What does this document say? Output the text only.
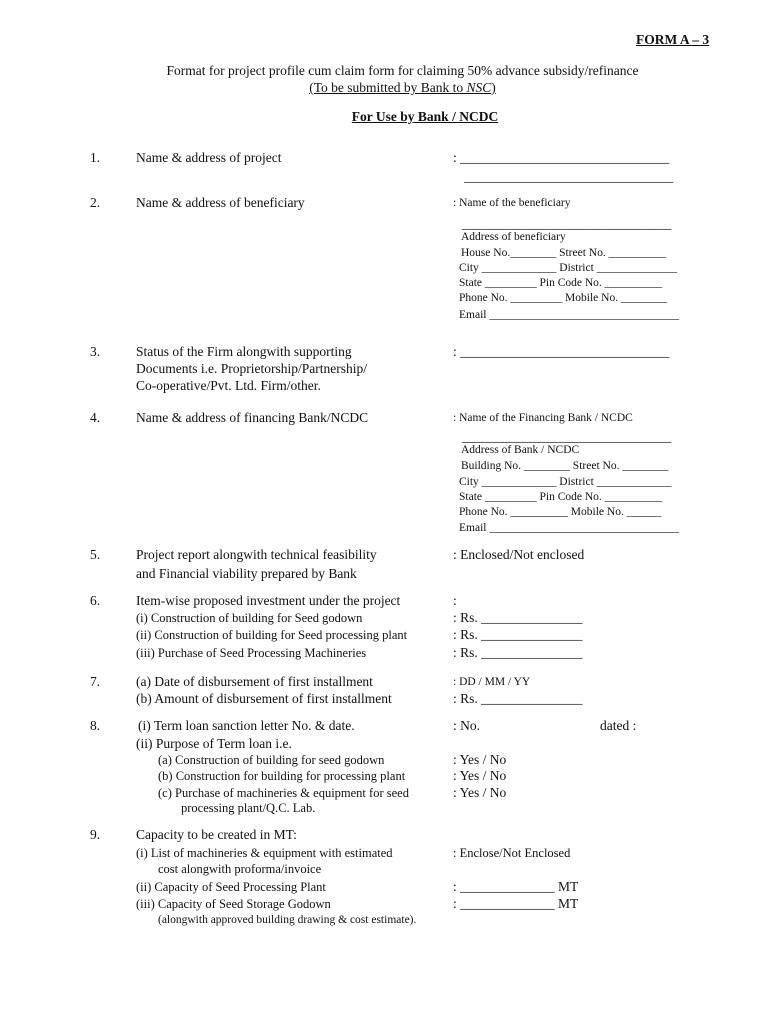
FORM A – 3
Format for project profile cum claim form for claiming 50% advance subsidy/refinance
(To be submitted by Bank to NSC)
For Use by Bank / NCDC
1.	Name & address of project	: _______________________________
_______________________________
2.	Name & address of beneficiary	: Name of the beneficiary
_______________________________
Address of beneficiary
House No.________ Street No. __________
City _____________ District ______________
State _________ Pin Code No. __________
Phone No. _________ Mobile No. ________
Email _________________________________
3.	Status of the Firm alongwith supporting
Documents i.e. Proprietorship/Partnership/
Co-operative/Pvt. Ltd. Firm/other.
: _______________________________
4.	Name & address of financing Bank/NCDC	: Name of the Financing Bank / NCDC
_______________________________
Address of Bank / NCDC
Building No. ________ Street No. ________
City _____________ District _____________
State _________ Pin Code No. __________
Phone No. __________ Mobile No. ______
Email _________________________________
5.	Project report alongwith technical feasibility
and Financial viability prepared by Bank
: Enclosed/Not enclosed
6.	Item-wise proposed investment under the project	:
(i) Construction of building for Seed godown	: Rs. _______________
(ii) Construction of building for Seed processing plant	: Rs. _______________
(iii) Purchase of Seed Processing Machineries	: Rs. _______________
7.	(a) Date of disbursement of first installment	: DD / MM / YY
(b) Amount of disbursement of first installment	: Rs. _______________
8.	(i) Term loan sanction letter No. & date.	: No.	dated :
(ii) Purpose of Term loan i.e.
(a) Construction of building for seed godown	: Yes / No
(b) Construction for building for processing plant	: Yes / No
(c) Purchase of machineries & equipment for seed
processing plant/Q.C. Lab.
: Yes / No
9.	Capacity to be created in MT:
(i) List of machineries & equipment with estimated
cost alongwith proforma/invoice
: Enclose/Not Enclosed
(ii) Capacity of Seed Processing Plant	: ______________ MT
(iii) Capacity of Seed Storage Godown	: ______________ MT
(alongwith approved building drawing & cost estimate).
